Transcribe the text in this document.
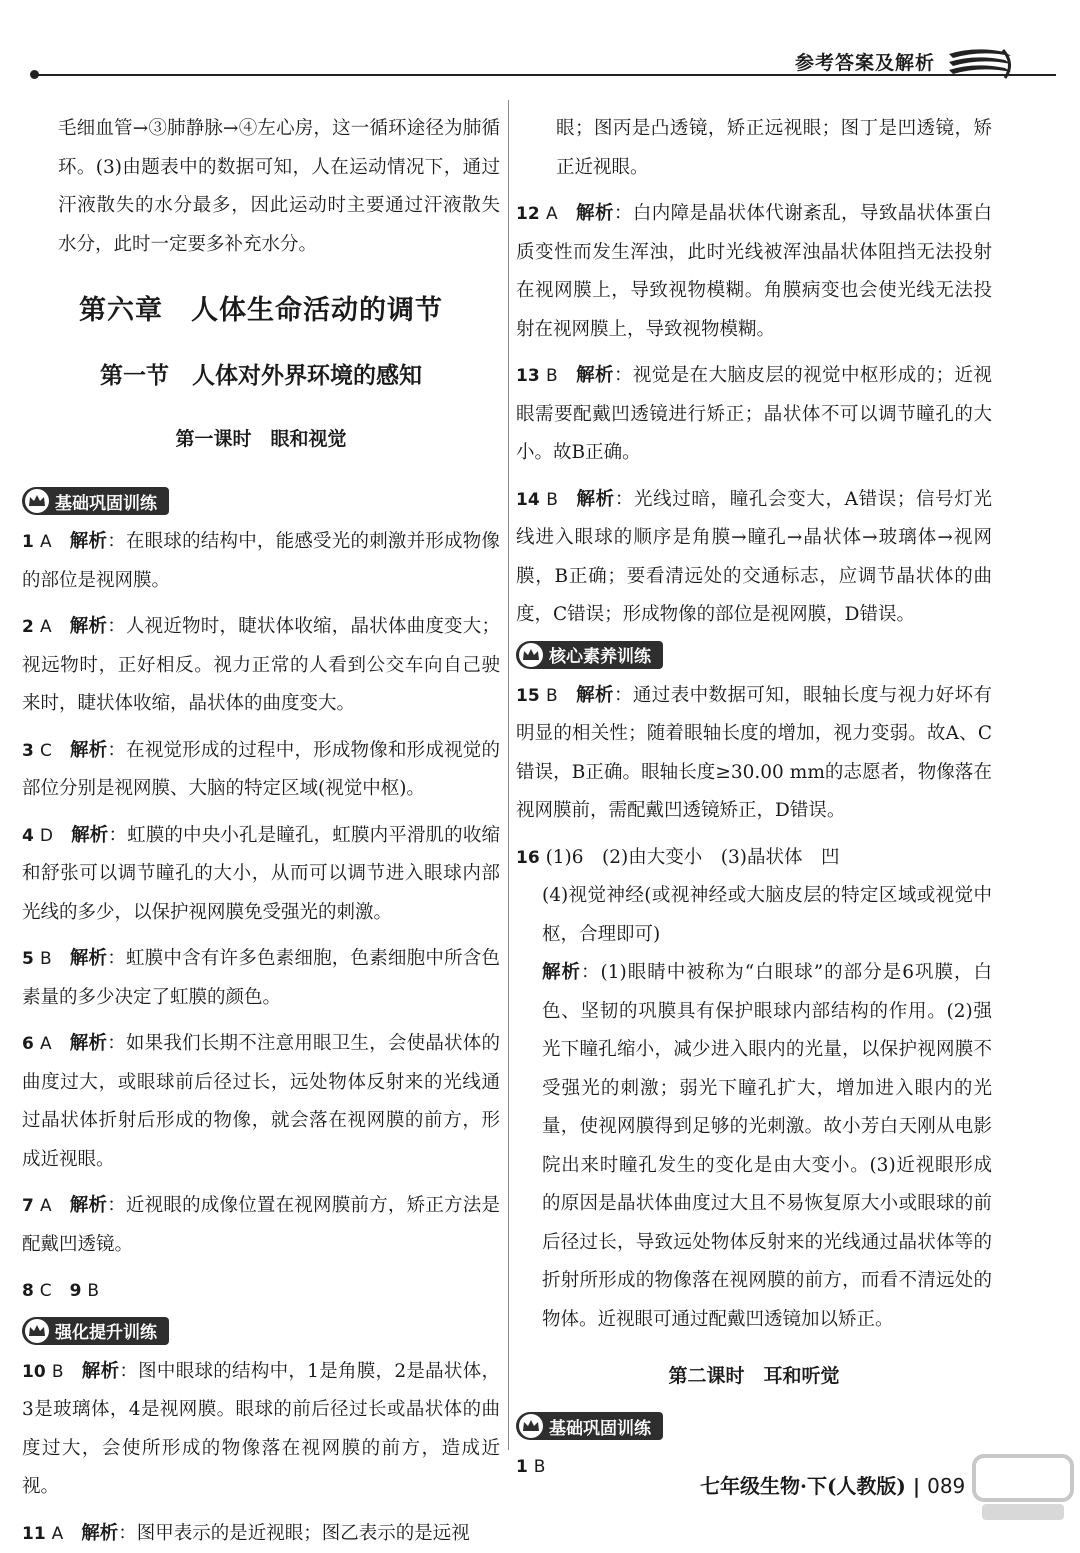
参考答案及解析

毛细血管→③肺静脉→④左心房，这一循环途径为肺循环。(3)由题表中的数据可知，人在运动情况下，通过汗液散失的水分最多，因此运动时主要通过汗液散失水分，此时一定要多补充水分。

第六章　人体生命活动的调节
第一节　人体对外界环境的感知
第一课时　眼和视觉
基础巩固训练

1 A 解析：在眼球的结构中，能感受光的刺激并形成物像的部位是视网膜。

2 A 解析：人视近物时，睫状体收缩，晶状体曲度变大；视远物时，正好相反。视力正常的人看到公交车向自己驶来时，睫状体收缩，晶状体的曲度变大。

3 C 解析：在视觉形成的过程中，形成物像和形成视觉的部位分别是视网膜、大脑的特定区域(视觉中枢)。

4 D 解析：虹膜的中央小孔是瞳孔，虹膜内平滑肌的收缩和舒张可以调节瞳孔的大小，从而可以调节进入眼球内部光线的多少，以保护视网膜免受强光的刺激。

5 B 解析：虹膜中含有许多色素细胞，色素细胞中所含色素量的多少决定了虹膜的颜色。

6 A 解析：如果我们长期不注意用眼卫生，会使晶状体的曲度过大，或眼球前后径过长，远处物体反射来的光线通过晶状体折射后形成的物像，就会落在视网膜的前方，形成近视眼。

7 A 解析：近视眼的成像位置在视网膜前方，矫正方法是配戴凹透镜。

8 C 9 B

强化提升训练

10 B 解析：图中眼球的结构中，1是角膜，2是晶状体，3是玻璃体，4是视网膜。眼球的前后径过长或晶状体的曲度过大，会使所形成的物像落在视网膜的前方，造成近视。

11 A 解析：图甲表示的是近视眼；图乙表示的是远视

眼；图丙是凸透镜，矫正远视眼；图丁是凹透镜，矫正近视眼。

12 A 解析：白内障是晶状体代谢紊乱，导致晶状体蛋白质变性而发生浑浊，此时光线被浑浊晶状体阻挡无法投射在视网膜上，导致视物模糊。角膜病变也会使光线无法投射在视网膜上，导致视物模糊。

13 B 解析：视觉是在大脑皮层的视觉中枢形成的；近视眼需要配戴凹透镜进行矫正；晶状体不可以调节瞳孔的大小。故B正确。

14 B 解析：光线过暗，瞳孔会变大，A错误；信号灯光线进入眼球的顺序是角膜→瞳孔→晶状体→玻璃体→视网膜，B正确；要看清远处的交通标志，应调节晶状体的曲度，C错误；形成物像的部位是视网膜，D错误。

核心素养训练

15 B 解析：通过表中数据可知，眼轴长度与视力好坏有明显的相关性；随着眼轴长度的增加，视力变弱。故A、C错误，B正确。眼轴长度≥30.00 mm的志愿者，物像落在视网膜前，需配戴凹透镜矫正，D错误。

16 (1)6　(2)由大变小　(3)晶状体　凹

(4)视觉神经(或视神经或大脑皮层的特定区域或视觉中枢，合理即可)

解析：(1)眼睛中被称为“白眼球”的部分是6巩膜，白色、坚韧的巩膜具有保护眼球内部结构的作用。(2)强光下瞳孔缩小，减少进入眼内的光量，以保护视网膜不受强光的刺激；弱光下瞳孔扩大，增加进入眼内的光量，使视网膜得到足够的光刺激。故小芳白天刚从电影院出来时瞳孔发生的变化是由大变小。(3)近视眼形成的原因是晶状体曲度过大且不易恢复原大小或眼球的前后径过长，导致远处物体反射来的光线通过晶状体等的折射所形成的物像落在视网膜的前方，而看不清远处的物体。近视眼可通过配戴凹透镜加以矫正。

第二课时　耳和听觉
基础巩固训练

1 B

七年级生物·下(人教版) | 089
